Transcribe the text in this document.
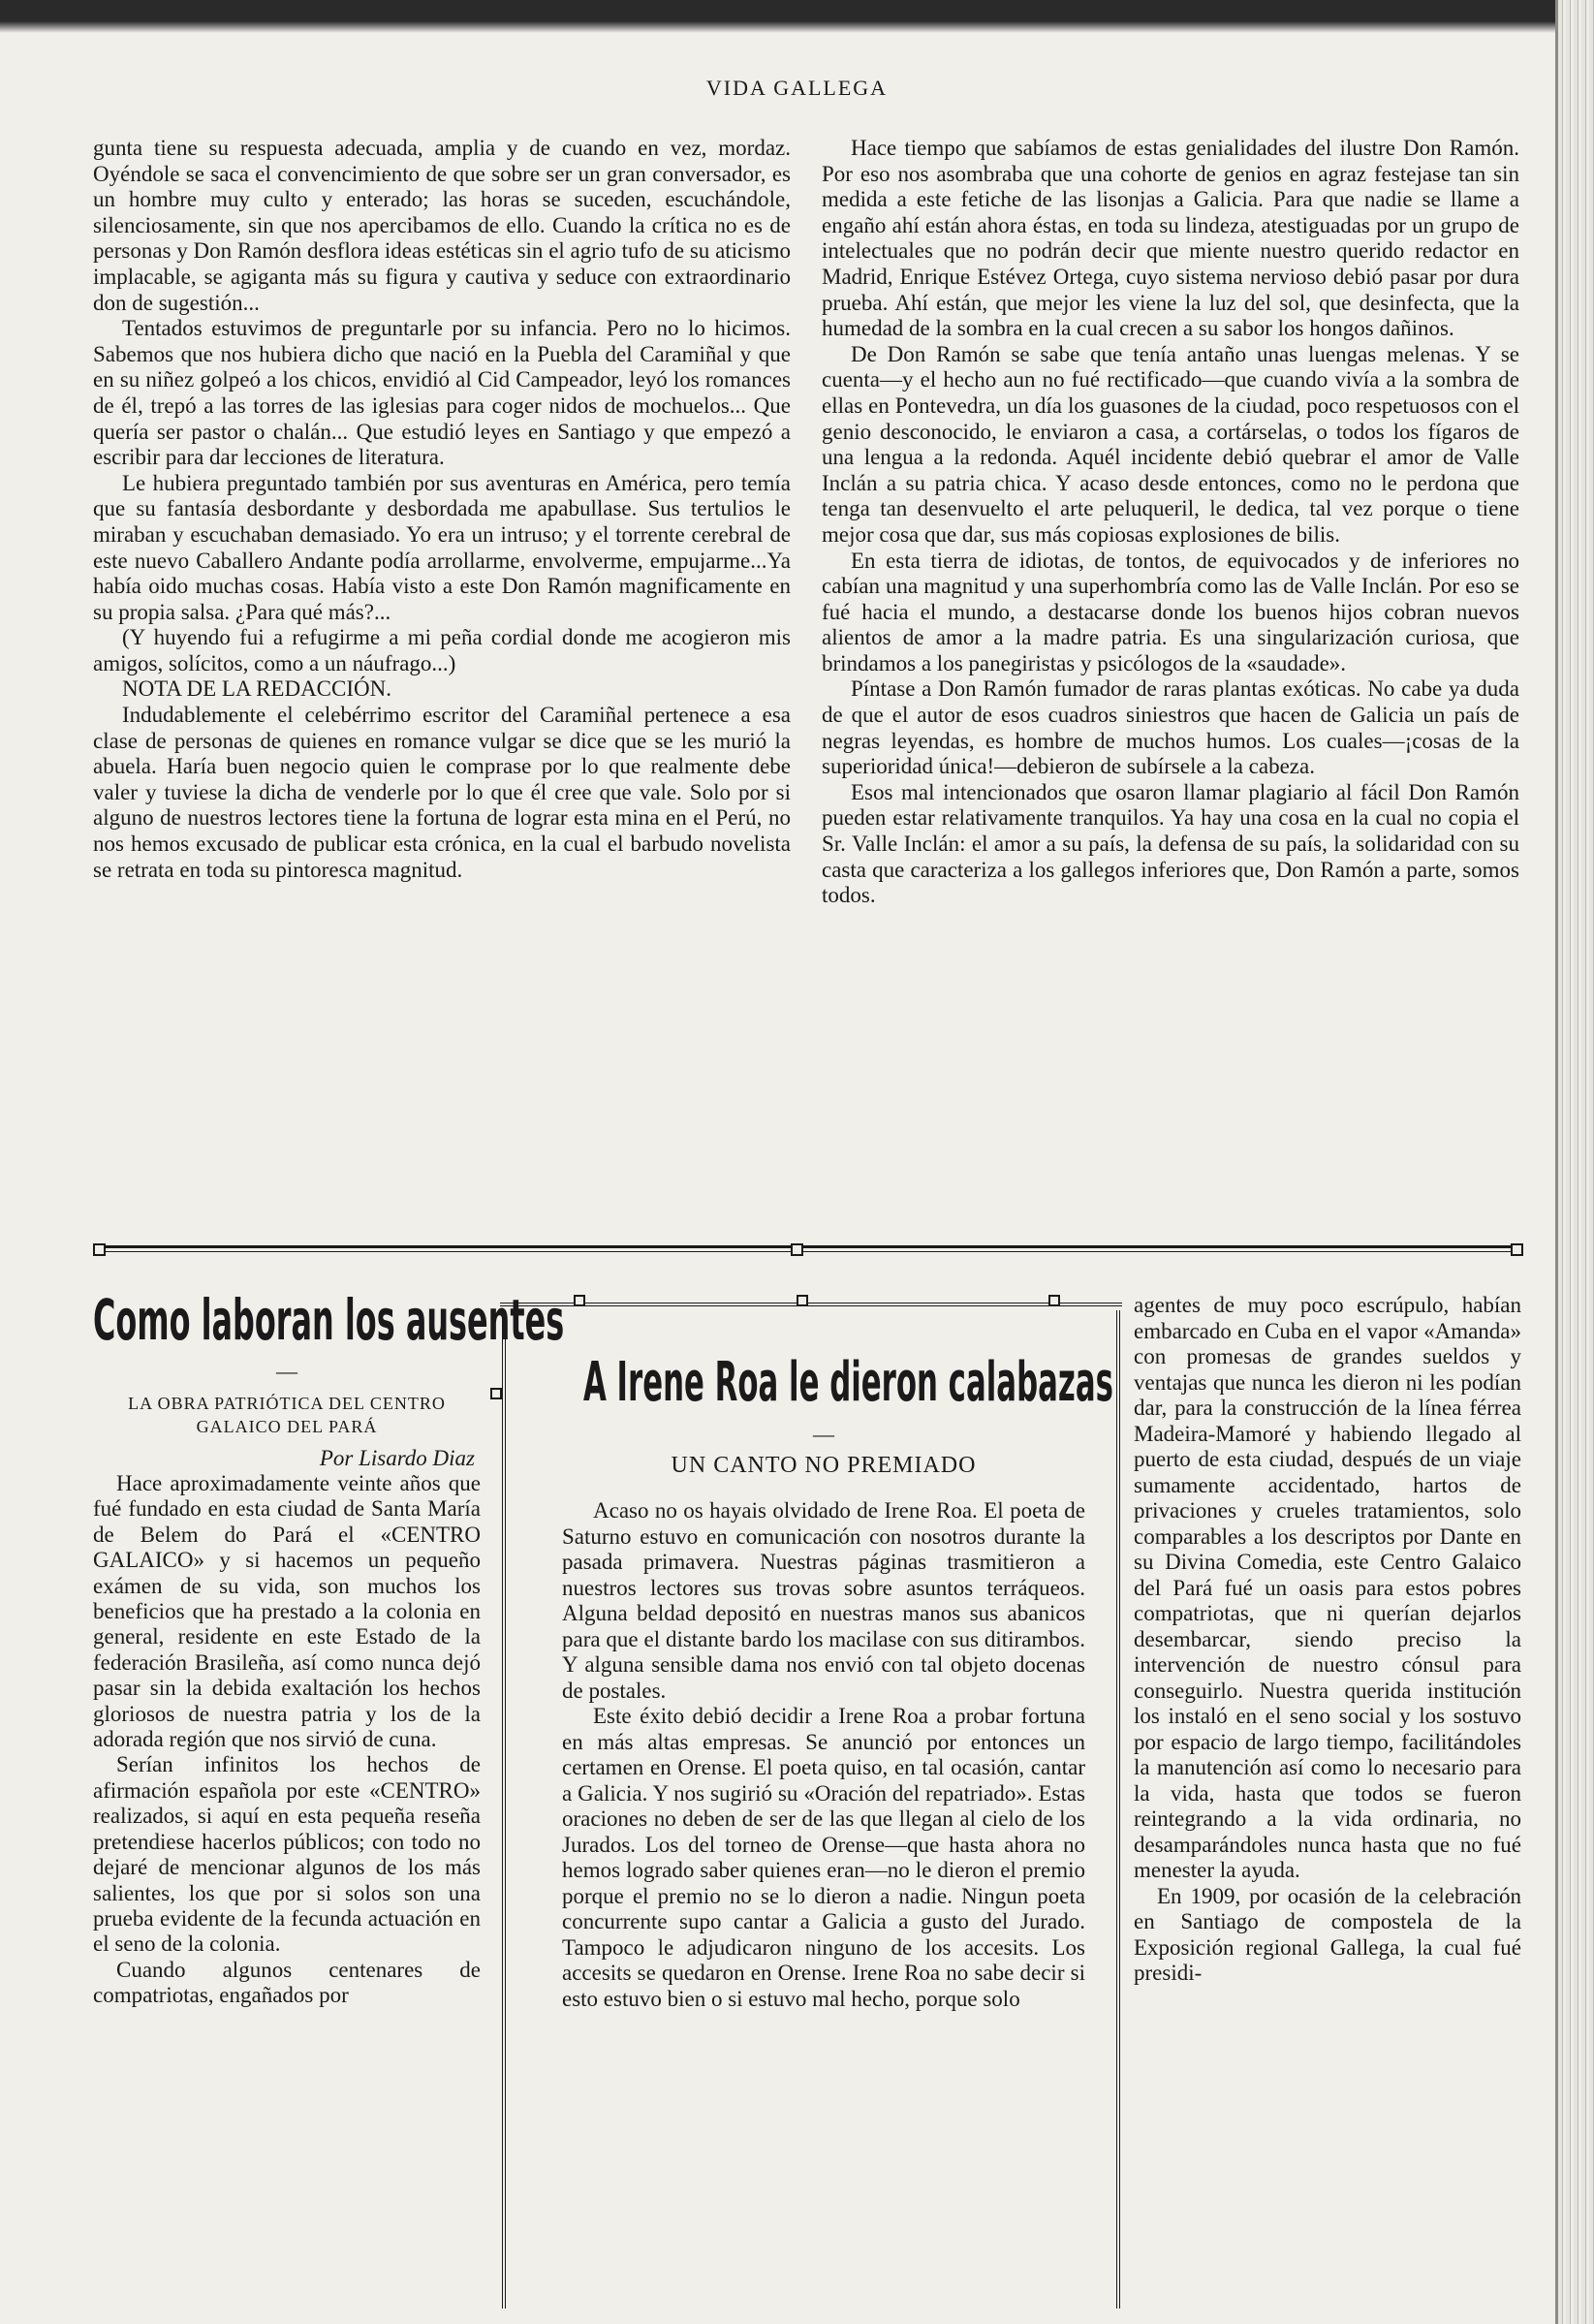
VIDA GALLEGA

gunta tiene su respuesta adecuada, amplia y de cuando en vez, mordaz. Oyéndole se saca el convencimiento de que sobre ser un gran conversador, es un hombre muy culto y enterado; las horas se suceden, escuchándole, silenciosamente, sin que nos apercibamos de ello. Cuando la crítica no es de personas y Don Ramón desflora ideas estéticas sin el agrio tufo de su aticismo implacable, se agiganta más su figura y cautiva y seduce con extraordinario don de sugestión...

Tentados estuvimos de preguntarle por su infancia. Pero no lo hicimos. Sabemos que nos hubiera dicho que nació en la Puebla del Caramiñal y que en su niñez golpeó a los chicos, envidió al Cid Campeador, leyó los romances de él, trepó a las torres de las iglesias para coger nidos de mochuelos... Que quería ser pastor o chalán... Que estudió leyes en Santiago y que empezó a escribir para dar lecciones de literatura.

Le hubiera preguntado también por sus aventuras en América, pero temía que su fantasía desbordante y desbordada me apabullase. Sus tertulios le miraban y escuchaban demasiado. Yo era un intruso; y el torrente cerebral de este nuevo Caballero Andante podía arrollarme, envolverme, empujarme...Ya había oido muchas cosas. Había visto a este Don Ramón magnificamente en su propia salsa. ¿Para qué más?...

(Y huyendo fui a refugirme a mi peña cordial donde me acogieron mis amigos, solícitos, como a un náufrago...)

NOTA DE LA REDACCIÓN.

Indudablemente el celebérrimo escritor del Caramiñal pertenece a esa clase de personas de quienes en romance vulgar se dice que se les murió la abuela. Haría buen negocio quien le comprase por lo que realmente debe valer y tuviese la dicha de venderle por lo que él cree que vale. Solo por si alguno de nuestros lectores tiene la fortuna de lograr esta mina en el Perú, no nos hemos excusado de publicar esta crónica, en la cual el barbudo novelista se retrata en toda su pintoresca magnitud.

Hace tiempo que sabíamos de estas genialidades del ilustre Don Ramón. Por eso nos asombraba que una cohorte de genios en agraz festejase tan sin medida a este fetiche de las lisonjas a Galicia. Para que nadie se llame a engaño ahí están ahora éstas, en toda su lindeza, atestiguadas por un grupo de intelectuales que no podrán decir que miente nuestro querido redactor en Madrid, Enrique Estévez Ortega, cuyo sistema nervioso debió pasar por dura prueba. Ahí están, que mejor les viene la luz del sol, que desinfecta, que la humedad de la sombra en la cual crecen a su sabor los hongos dañinos.

De Don Ramón se sabe que tenía antaño unas luengas melenas. Y se cuenta—y el hecho aun no fué rectificado—que cuando vivía a la sombra de ellas en Pontevedra, un día los guasones de la ciudad, poco respetuosos con el genio desconocido, le enviaron a casa, a cortárselas, o todos los fígaros de una lengua a la redonda. Aquél incidente debió quebrar el amor de Valle Inclán a su patria chica. Y acaso desde entonces, como no le perdona que tenga tan desenvuelto el arte peluqueril, le dedica, tal vez porque o tiene mejor cosa que dar, sus más copiosas explosiones de bilis.

En esta tierra de idiotas, de tontos, de equivocados y de inferiores no cabían una magnitud y una superhombría como las de Valle Inclán. Por eso se fué hacia el mundo, a destacarse donde los buenos hijos cobran nuevos alientos de amor a la madre patria. Es una singularización curiosa, que brindamos a los panegiristas y psicólogos de la «saudade».

Píntase a Don Ramón fumador de raras plantas exóticas. No cabe ya duda de que el autor de esos cuadros siniestros que hacen de Galicia un país de negras leyendas, es hombre de muchos humos. Los cuales—¡cosas de la superioridad única!—debieron de subírsele a la cabeza.

Esos mal intencionados que osaron llamar plagiario al fácil Don Ramón pueden estar relativamente tranquilos. Ya hay una cosa en la cual no copia el Sr. Valle Inclán: el amor a su país, la defensa de su país, la solidaridad con su casta que caracteriza a los gallegos inferiores que, Don Ramón a parte, somos todos.

Como laboran los ausentes
—
LA OBRA PATRIÓTICA DEL CENTRO
GALAICO DEL PARÁ
Por Lisardo Diaz

Hace aproximadamente veinte años que fué fundado en esta ciudad de Santa María de Belem do Pará el «CENTRO GALAICO» y si hacemos un pequeño exámen de su vida, son muchos los beneficios que ha prestado a la colonia en general, residente en este Estado de la federación Brasileña, así como nunca dejó pasar sin la debida exaltación los hechos gloriosos de nuestra patria y los de la adorada región que nos sirvió de cuna.

Serían infinitos los hechos de afirmación española por este «CENTRO» realizados, si aquí en esta pequeña reseña pretendiese hacerlos públicos; con todo no dejaré de mencionar algunos de los más salientes, los que por si solos son una prueba evidente de la fecunda actuación en el seno de la colonia.

Cuando algunos centenares de compatriotas, engañados por

A Irene Roa le dieron calabazas
—
UN CANTO NO PREMIADO

Acaso no os hayais olvidado de Irene Roa. El poeta de Saturno estuvo en comunicación con nosotros durante la pasada primavera. Nuestras páginas trasmitieron a nuestros lectores sus trovas sobre asuntos terráqueos. Alguna beldad depositó en nuestras manos sus abanicos para que el distante bardo los macilase con sus ditirambos. Y alguna sensible dama nos envió con tal objeto docenas de postales.

Este éxito debió decidir a Irene Roa a probar fortuna en más altas empresas. Se anunció por entonces un certamen en Orense. El poeta quiso, en tal ocasión, cantar a Galicia. Y nos sugirió su «Oración del repatriado». Estas oraciones no deben de ser de las que llegan al cielo de los Jurados. Los del torneo de Orense—que hasta ahora no hemos logrado saber quienes eran—no le dieron el premio porque el premio no se lo dieron a nadie. Ningun poeta concurrente supo cantar a Galicia a gusto del Jurado. Tampoco le adjudicaron ninguno de los accesits. Los accesits se quedaron en Orense. Irene Roa no sabe decir si esto estuvo bien o si estuvo mal hecho, porque solo

agentes de muy poco escrúpulo, habían embarcado en Cuba en el vapor «Amanda» con promesas de grandes sueldos y ventajas que nunca les dieron ni les podían dar, para la construcción de la línea férrea Madeira-Mamoré y habiendo llegado al puerto de esta ciudad, después de un viaje sumamente accidentado, hartos de privaciones y crueles tratamientos, solo comparables a los descriptos por Dante en su Divina Comedia, este Centro Galaico del Pará fué un oasis para estos pobres compatriotas, que ni querían dejarlos desembarcar, siendo preciso la intervención de nuestro cónsul para conseguirlo. Nuestra querida institución los instaló en el seno social y los sostuvo por espacio de largo tiempo, facilitándoles la manutención así como lo necesario para la vida, hasta que todos se fueron reintegrando a la vida ordinaria, no desamparándoles nunca hasta que no fué menester la ayuda.

En 1909, por ocasión de la celebración en Santiago de compostela de la Exposición regional Gallega, la cual fué presidi-
